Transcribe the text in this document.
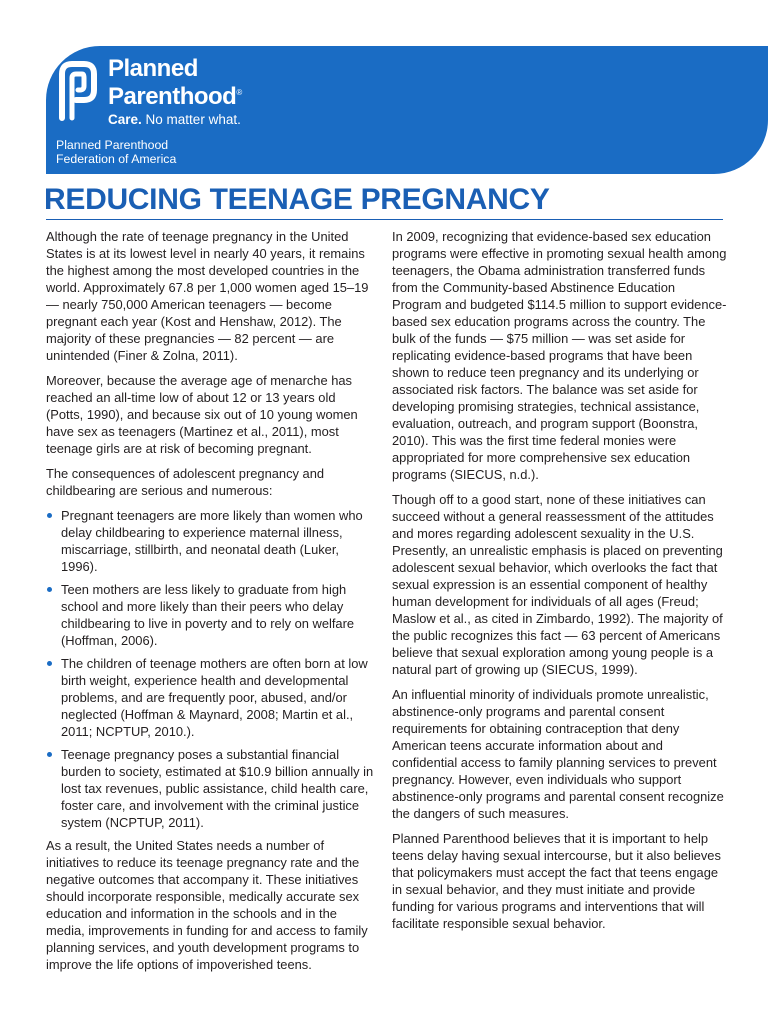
Planned
Parenthood®
Care. No matter what.
Planned Parenthood
Federation of America
REDUCING TEENAGE PREGNANCY

Although the rate of teenage pregnancy in the United States is at its lowest level in nearly 40 years, it remains the highest among the most developed countries in the world. Approximately 67.8 per 1,000 women aged 15–19 — nearly 750,000 American teenagers — become pregnant each year (Kost and Henshaw, 2012). The majority of these pregnancies — 82 percent — are unintended (Finer & Zolna, 2011).

Moreover, because the average age of menarche has reached an all-time low of about 12 or 13 years old (Potts, 1990), and because six out of 10 young women have sex as teenagers (Martinez et al., 2011), most teenage girls are at risk of becoming pregnant.

The consequences of adolescent pregnancy and childbearing are serious and numerous:

Pregnant teenagers are more likely than women who delay childbearing to experience maternal illness, miscarriage, stillbirth, and neonatal death (Luker, 1996).
Teen mothers are less likely to graduate from high school and more likely than their peers who delay childbearing to live in poverty and to rely on welfare (Hoffman, 2006).
The children of teenage mothers are often born at low birth weight, experience health and developmental problems, and are frequently poor, abused, and/or neglected (Hoffman & Maynard, 2008; Martin et al., 2011; NCPTUP, 2010.).
Teenage pregnancy poses a substantial financial burden to society, estimated at $10.9 billion annually in lost tax revenues, public assistance, child health care, foster care, and involvement with the criminal justice system (NCPTUP, 2011).

As a result, the United States needs a number of initiatives to reduce its teenage pregnancy rate and the negative outcomes that accompany it. These initiatives should incorporate responsible, medically accurate sex education and information in the schools and in the media, improvements in funding for and access to family planning services, and youth development programs to improve the life options of impoverished teens.

In 2009, recognizing that evidence-based sex education programs were effective in promoting sexual health among teenagers, the Obama administration transferred funds from the Community-based Abstinence Education Program and budgeted $114.5 million to support evidence-based sex education programs across the country. The bulk of the funds — $75 million — was set aside for replicating evidence-based programs that have been shown to reduce teen pregnancy and its underlying or associated risk factors. The balance was set aside for developing promising strategies, technical assistance, evaluation, outreach, and program support (Boonstra, 2010). This was the first time federal monies were appropriated for more comprehensive sex education programs (SIECUS, n.d.).

Though off to a good start, none of these initiatives can succeed without a general reassessment of the attitudes and mores regarding adolescent sexuality in the U.S. Presently, an unrealistic emphasis is placed on preventing adolescent sexual behavior, which overlooks the fact that sexual expression is an essential component of healthy human development for individuals of all ages (Freud; Maslow et al., as cited in Zimbardo, 1992). The majority of the public recognizes this fact — 63 percent of Americans believe that sexual exploration among young people is a natural part of growing up (SIECUS, 1999).

An influential minority of individuals promote unrealistic, abstinence-only programs and parental consent requirements for obtaining contraception that deny American teens accurate information about and confidential access to family planning services to prevent pregnancy. However, even individuals who support abstinence-only programs and parental consent recognize the dangers of such measures.

Planned Parenthood believes that it is important to help teens delay having sexual intercourse, but it also believes that policymakers must accept the fact that teens engage in sexual behavior, and they must initiate and provide funding for various programs and interventions that will facilitate responsible sexual behavior.
